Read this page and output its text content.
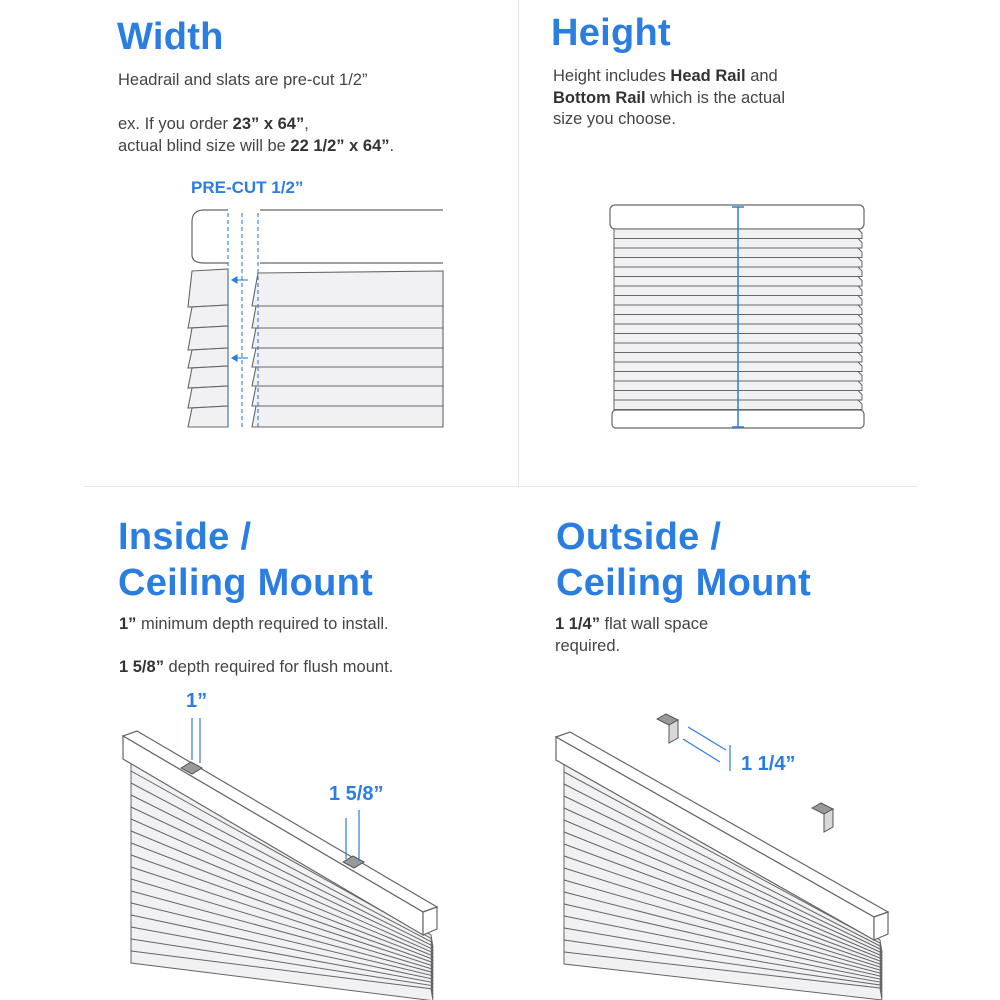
Width

Headrail and slats are pre-cut 1/2”

ex. If you order 23” x 64”,
actual blind size will be 22 1/2” x 64”.

PRE-CUT 1/2”
Height

Height includes Head Rail and
Bottom Rail which is the actual
size you choose.

Inside /
Ceiling Mount

1” minimum depth required to install.

1 5/8” depth required for flush mount.

1”
1 5/8”
Outside /
Ceiling Mount

1 1/4” flat wall space
required.

1 1/4”
